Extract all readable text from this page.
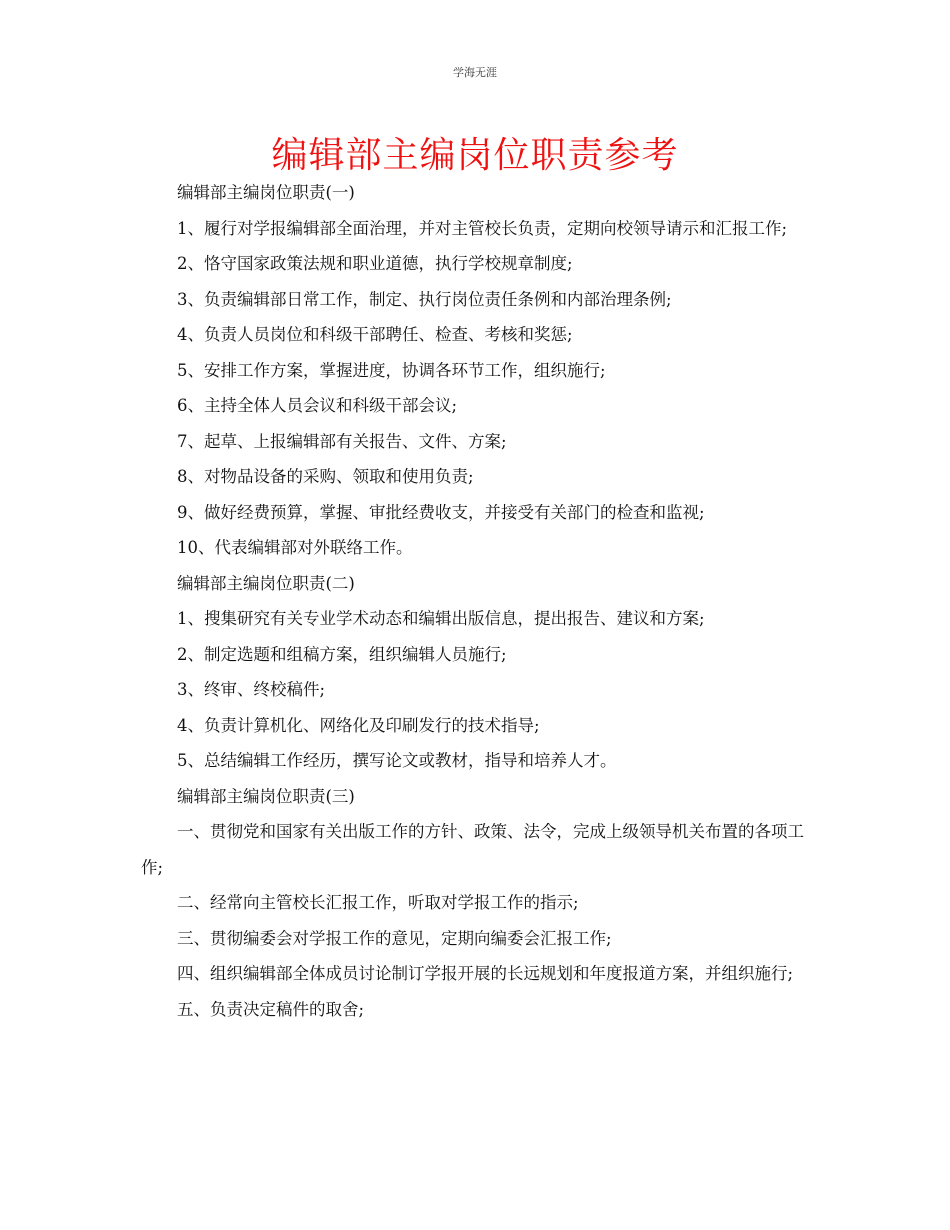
学海无涯
编辑部主编岗位职责参考

编辑部主编岗位职责(一)

1、履行对学报编辑部全面治理，并对主管校长负责，定期向校领导请示和汇报工作;

2、恪守国家政策法规和职业道德，执行学校规章制度;

3、负责编辑部日常工作，制定、执行岗位责任条例和内部治理条例;

4、负责人员岗位和科级干部聘任、检查、考核和奖惩;

5、安排工作方案，掌握进度，协调各环节工作，组织施行;

6、主持全体人员会议和科级干部会议;

7、起草、上报编辑部有关报告、文件、方案;

8、对物品设备的采购、领取和使用负责;

9、做好经费预算，掌握、审批经费收支，并接受有关部门的检查和监视;

10、代表编辑部对外联络工作。

编辑部主编岗位职责(二)

1、搜集研究有关专业学术动态和编辑出版信息，提出报告、建议和方案;

2、制定选题和组稿方案，组织编辑人员施行;

3、终审、终校稿件;

4、负责计算机化、网络化及印刷发行的技术指导;

5、总结编辑工作经历，撰写论文或教材，指导和培养人才。

编辑部主编岗位职责(三)

一、贯彻党和国家有关出版工作的方针、政策、法令，完成上级领导机关布置的各项工作;

二、经常向主管校长汇报工作，听取对学报工作的指示;

三、贯彻编委会对学报工作的意见，定期向编委会汇报工作;

四、组织编辑部全体成员讨论制订学报开展的长远规划和年度报道方案，并组织施行;

五、负责决定稿件的取舍;
